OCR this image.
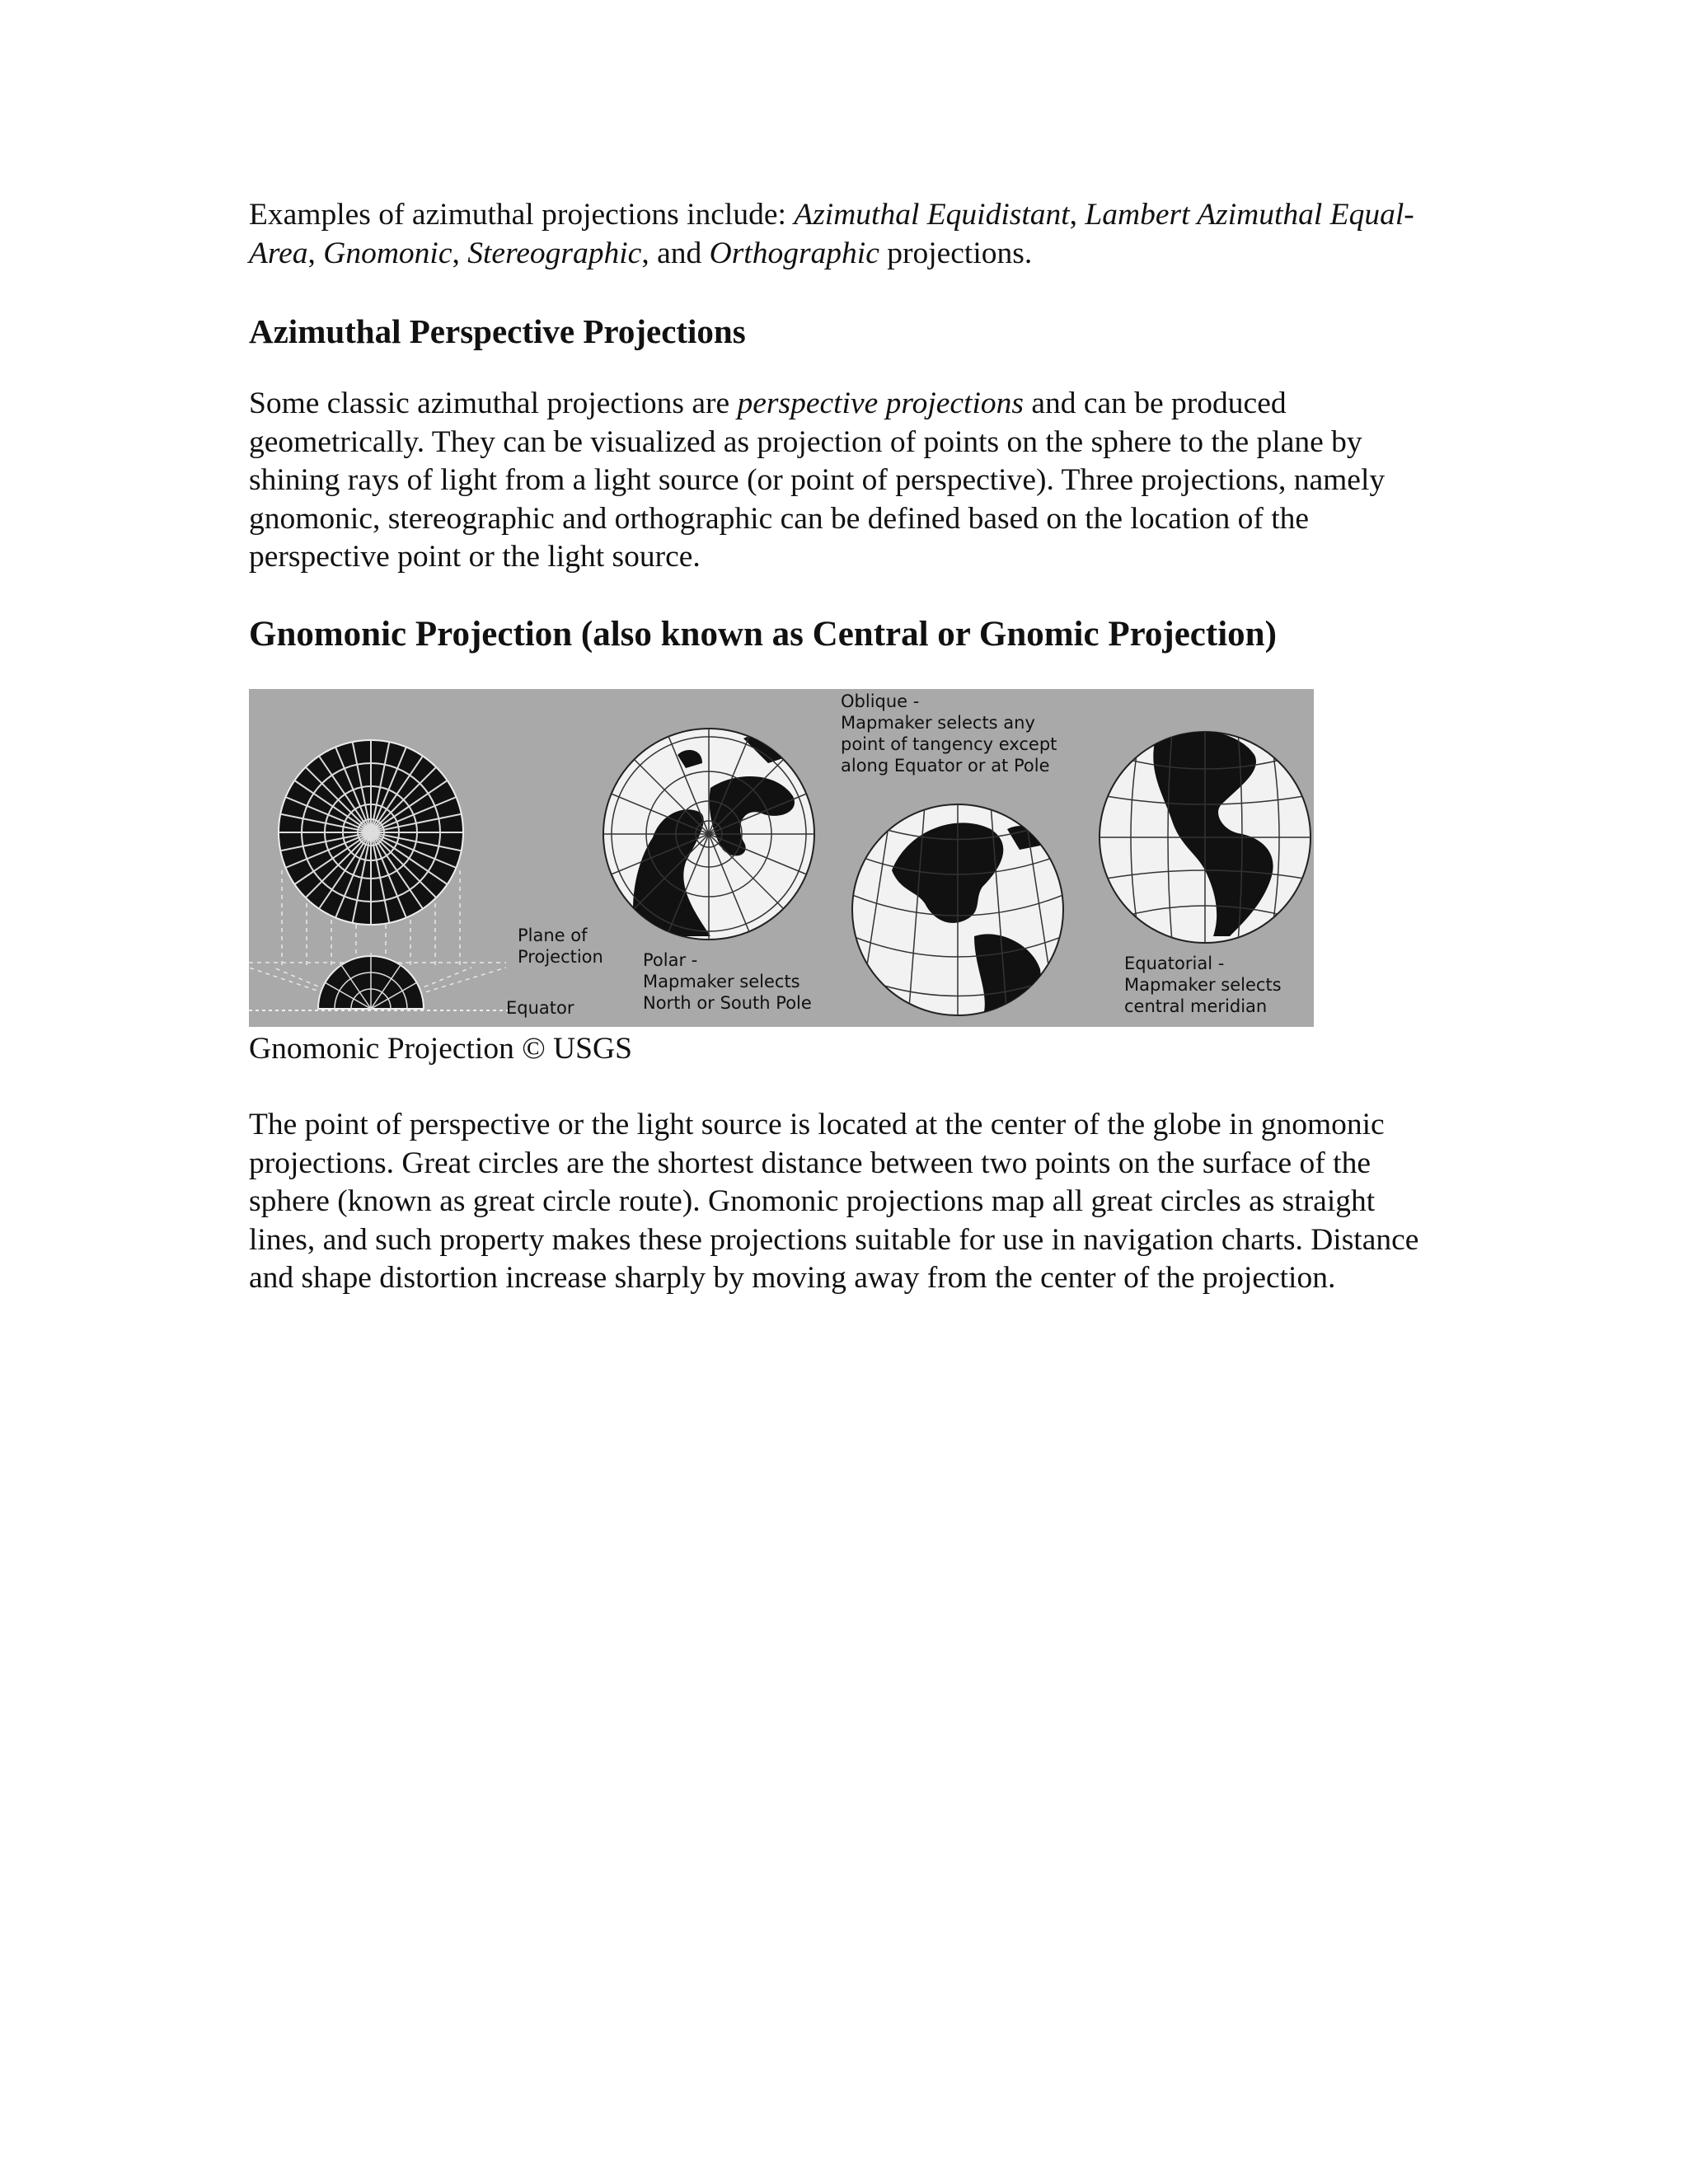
Examples of azimuthal projections include: Azimuthal Equidistant, Lambert Azimuthal Equal-Area, Gnomonic, Stereographic, and Orthographic projections.

Azimuthal Perspective Projections

Some classic azimuthal projections are perspective projections and can be produced geometrically. They can be visualized as projection of points on the sphere to the plane by shining rays of light from a light source (or point of perspective). Three projections, namely gnomonic, stereographic and orthographic can be defined based on the location of the perspective point or the light source.

Gnomonic Projection (also known as Central or Gnomic Projection)
Plane of
Projection
Equator
Polar -
Mapmaker selects
North or South Pole
Oblique -
Mapmaker selects any
point of tangency except
along Equator or at Pole
Equatorial -
Mapmaker selects
central meridian

Gnomonic Projection © USGS

The point of perspective or the light source is located at the center of the globe in gnomonic projections. Great circles are the shortest distance between two points on the surface of the sphere (known as great circle route). Gnomonic projections map all great circles as straight lines, and such property makes these projections suitable for use in navigation charts. Distance and shape distortion increase sharply by moving away from the center of the projection.
